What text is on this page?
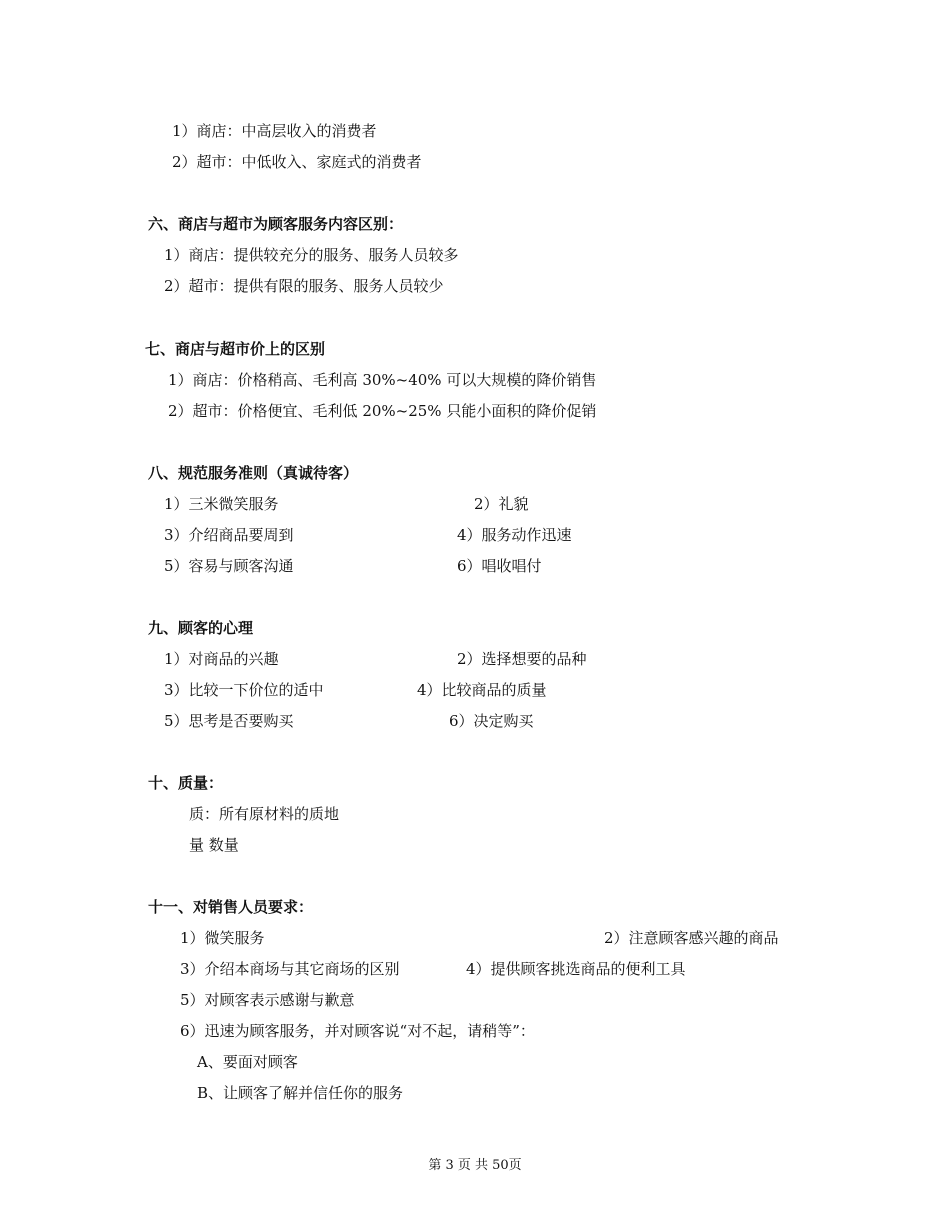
1）商店：中高层收入的消费者
2）超市：中低收入、家庭式的消费者
六、商店与超市为顾客服务内容区别：
1）商店：提供较充分的服务、服务人员较多
2）超市：提供有限的服务、服务人员较少
七、商店与超市价上的区别
1）商店：价格稍高、毛利高 30%~40% 可以大规模的降价销售
2）超市：价格便宜、毛利低 20%~25% 只能小面积的降价促销
八、规范服务准则（真诚待客）
1）三米微笑服务	2）礼貌
3）介绍商品要周到	4）服务动作迅速
5）容易与顾客沟通	6）唱收唱付
九、顾客的心理
1）对商品的兴趣	2）选择想要的品种
3）比较一下价位的适中	4）比较商品的质量
5）思考是否要购买	6）决定购买
十、质量：
质：所有原材料的质地
量 数量
十一、对销售人员要求：
1）微笑服务	2）注意顾客感兴趣的商品
3）介绍本商场与其它商场的区别	4）提供顾客挑选商品的便利工具
5）对顾客表示感谢与歉意
6）迅速为顾客服务，并对顾客说“对不起，请稍等”：
A、要面对顾客
B、让顾客了解并信任你的服务
第 3 页 共 50页
